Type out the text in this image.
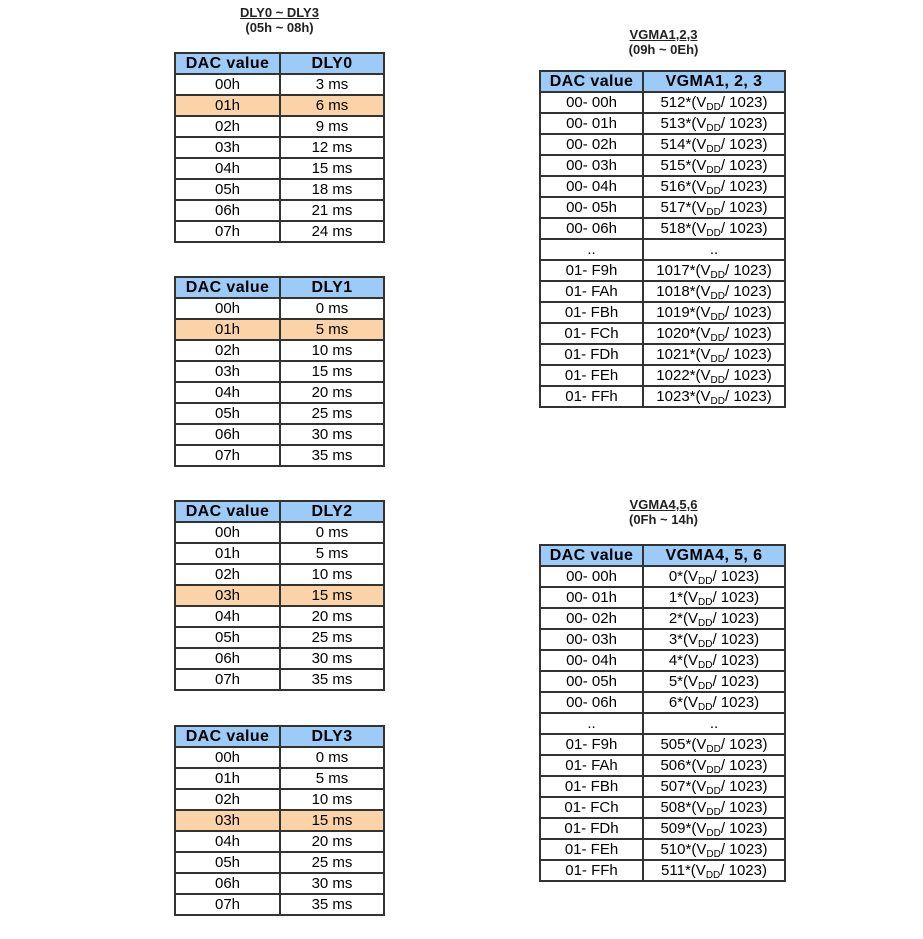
DLY0 ~ DLY3
(05h ~ 08h)	VGMA1,2,3
(09h ~ 0Eh)
VGMA4,5,6
(0Fh ~ 14h)
DAC value	DLY0
00h	3 ms
01h	6 ms
02h	9 ms
03h	12 ms
04h	15 ms
05h	18 ms
06h	21 ms
07h	24 ms
DAC value	DLY1
00h	0 ms
01h	5 ms
02h	10 ms
03h	15 ms
04h	20 ms
05h	25 ms
06h	30 ms
07h	35 ms
DAC value	DLY2
00h	0 ms
01h	5 ms
02h	10 ms
03h	15 ms
04h	20 ms
05h	25 ms
06h	30 ms
07h	35 ms
DAC value	DLY3
00h	0 ms
01h	5 ms
02h	10 ms
03h	15 ms
04h	20 ms
05h	25 ms
06h	30 ms
07h	35 ms
DAC value	VGMA1, 2, 3
00- 00h	$512*(V_{DD}/$ 1023)
00- 01h	$513*(V_{DD}/$ 1023)
00- 02h	$514*(V_{DD}/$ 1023)
00- 03h	$515*(V_{DD}/$ 1023)
00- 04h	$516*(V_{DD}/$ 1023)
00- 05h	$517*(V_{DD}/$ 1023)
00- 06h	$518*(V_{DD}/$ 1023)
..	..
01- F9h	$1017*(V_{DD}/$ 1023)
01- FAh	$1018*(V_{DD}/$ 1023)
01- FBh	$1019*(V_{DD}/$ 1023)
01- FCh	$1020*(V_{DD}/$ 1023)
01- FDh	$1021*(V_{DD}/$ 1023)
01- FEh	$1022*(V_{DD}/$ 1023)
01- FFh	$1023*(V_{DD}/$ 1023)
DAC value	VGMA4, 5, 6
00- 00h	$0*(V_{DD}/$ 1023)
00- 01h	$1*(V_{DD}/$ 1023)
00- 02h	$2*(V_{DD}/$ 1023)
00- 03h	$3*(V_{DD}/$ 1023)
00- 04h	$4*(V_{DD}/$ 1023)
00- 05h	$5*(V_{DD}/$ 1023)
00- 06h	$6*(V_{DD}/$ 1023)
..	..
01- F9h	$505*(V_{DD}/$ 1023)
01- FAh	$506*(V_{DD}/$ 1023)
01- FBh	$507*(V_{DD}/$ 1023)
01- FCh	$508*(V_{DD}/$ 1023)
01- FDh	$509*(V_{DD}/$ 1023)
01- FEh	$510*(V_{DD}/$ 1023)
01- FFh	$511*(V_{DD}/$ 1023)
